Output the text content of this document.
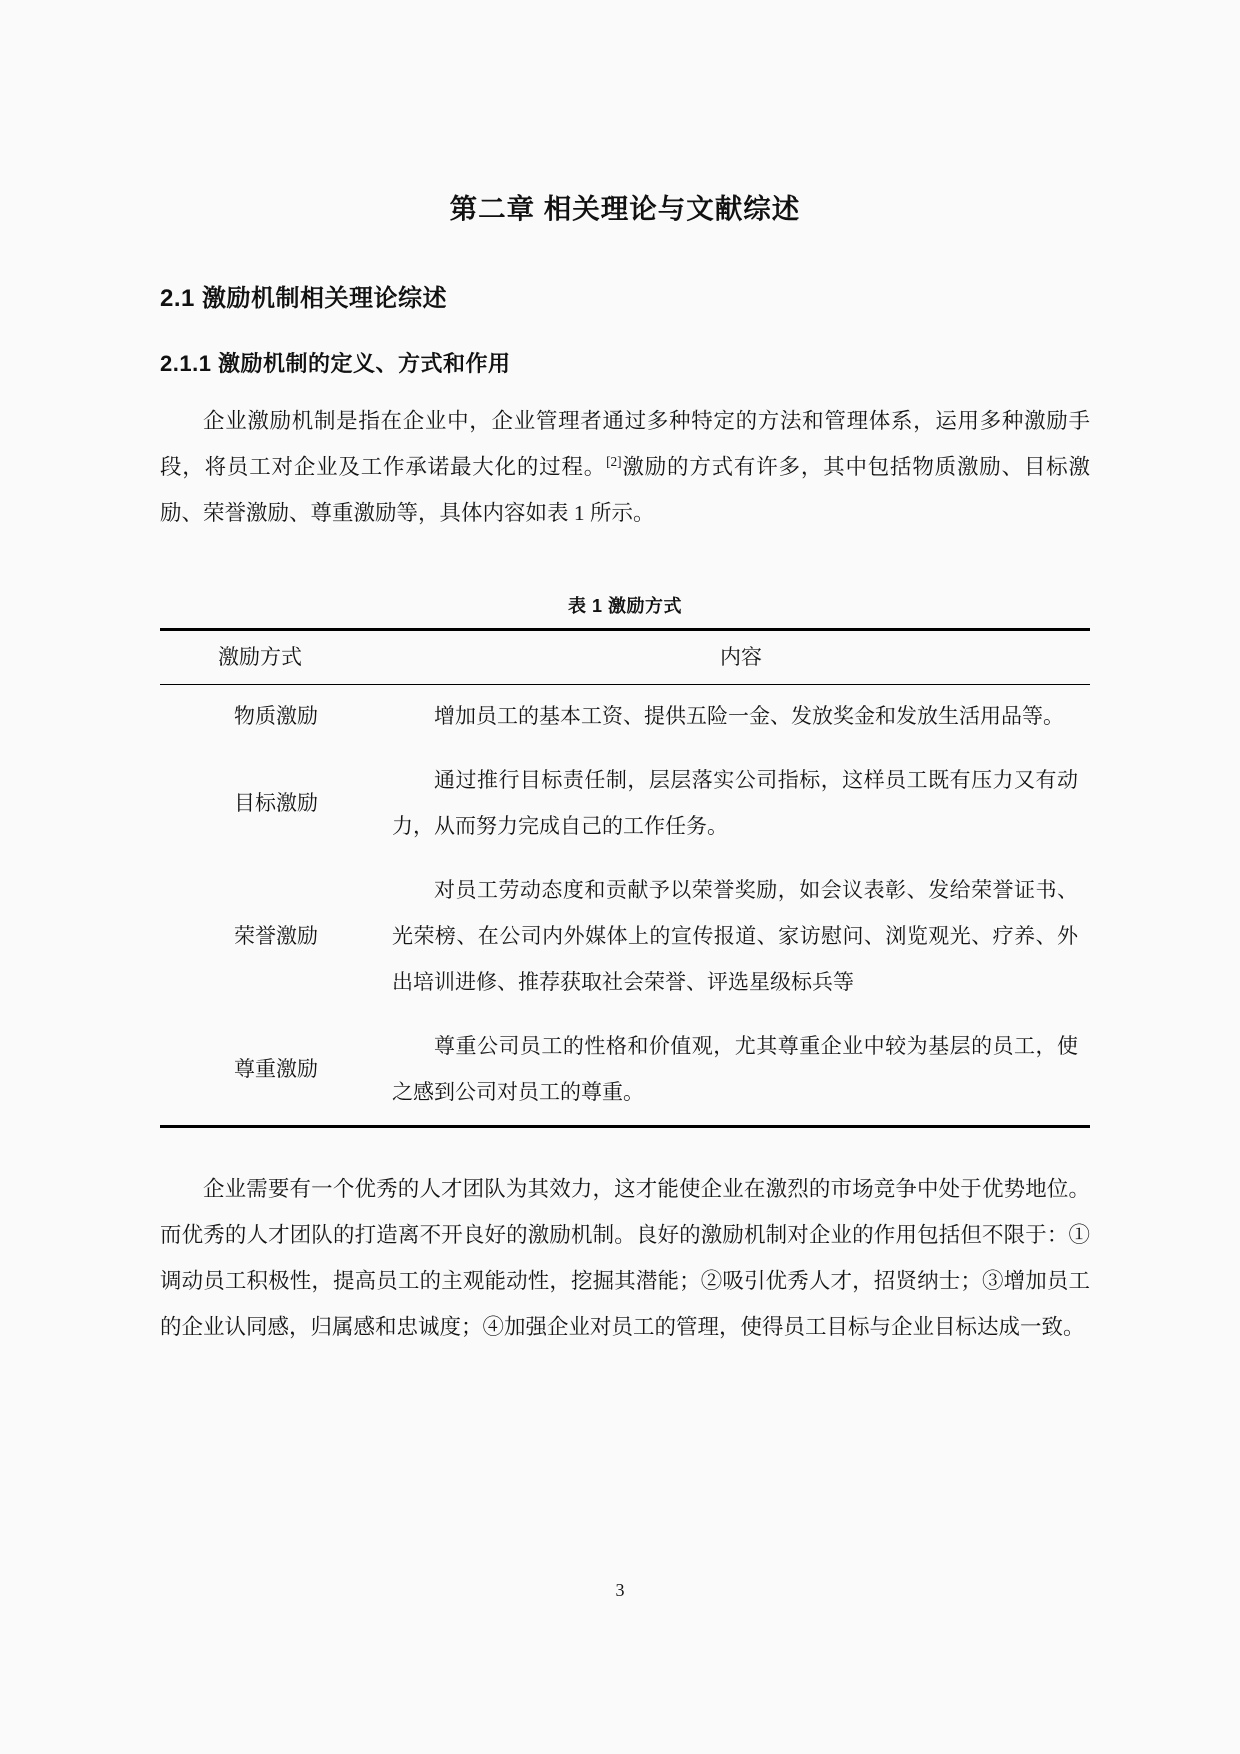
第二章 相关理论与文献综述
2.1 激励机制相关理论综述
2.1.1 激励机制的定义、方式和作用

企业激励机制是指在企业中，企业管理者通过多种特定的方法和管理体系，运用多种激励手段，将员工对企业及工作承诺最大化的过程。[2]激励的方式有许多，其中包括物质激励、目标激励、荣誉激励、尊重激励等，具体内容如表 1 所示。

表 1 激励方式

激励方式	内容
物质激励	增加员工的基本工资、提供五险一金、发放奖金和发放生活用品等。
目标激励	通过推行目标责任制，层层落实公司指标，这样员工既有压力又有动力，从而努力完成自己的工作任务。
荣誉激励	对员工劳动态度和贡献予以荣誉奖励，如会议表彰、发给荣誉证书、光荣榜、在公司内外媒体上的宣传报道、家访慰问、浏览观光、疗养、外出培训进修、推荐获取社会荣誉、评选星级标兵等
尊重激励	尊重公司员工的性格和价值观，尤其尊重企业中较为基层的员工，使之感到公司对员工的尊重。

企业需要有一个优秀的人才团队为其效力，这才能使企业在激烈的市场竞争中处于优势地位。而优秀的人才团队的打造离不开良好的激励机制。良好的激励机制对企业的作用包括但不限于：①调动员工积极性，提高员工的主观能动性，挖掘其潜能；②吸引优秀人才，招贤纳士；③增加员工的企业认同感，归属感和忠诚度；④加强企业对员工的管理，使得员工目标与企业目标达成一致。

3
